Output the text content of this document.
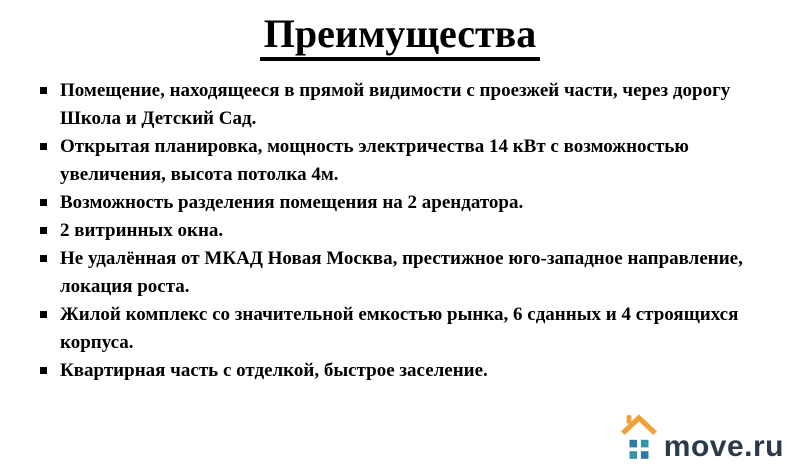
Преимущества
Помещение, находящееся в прямой видимости с проезжей части, через дорогу Школа и Детский Сад.
Открытая планировка, мощность электричества 14 кВт с возможностью увеличения, высота потолка 4м.
Возможность разделения помещения на 2 арендатора.
2 витринных окна.
Не удалённая от МКАД Новая Москва, престижное юго-западное направление, локация роста.
Жилой комплекс со значительной емкостью рынка, 6 сданных и 4 строящихся корпуса.
Квартирная часть с отделкой, быстрое заселение.
move.ru
